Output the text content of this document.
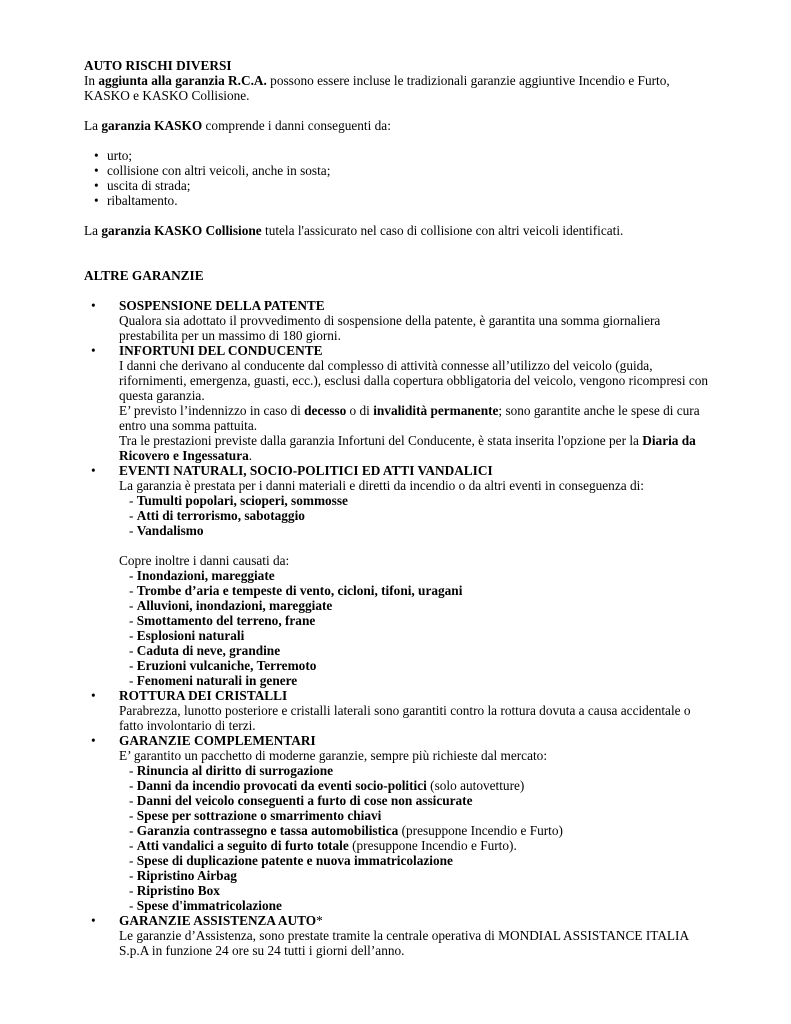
AUTO RISCHI DIVERSI

In aggiunta alla garanzia R.C.A. possono essere incluse le tradizionali garanzie aggiuntive Incendio e Furto, KASKO e KASKO Collisione.

La garanzia KASKO comprende i danni conseguenti da:

• urto;
• collisione con altri veicoli, anche in sosta;
• uscita di strada;
• ribaltamento.

La garanzia KASKO Collisione tutela l'assicurato nel caso di collisione con altri veicoli identificati.

ALTRE GARANZIE

• SOSPENSIONE DELLA PATENTE

Qualora sia adottato il provvedimento di sospensione della patente, è garantita una somma giornaliera prestabilita per un massimo di 180 giorni.

• INFORTUNI DEL CONDUCENTE

I danni che derivano al conducente dal complesso di attività connesse all’utilizzo del veicolo (guida, rifornimenti, emergenza, guasti, ecc.), esclusi dalla copertura obbligatoria del veicolo, vengono ricompresi con questa garanzia.

E’ previsto l’indennizzo in caso di decesso o di invalidità permanente; sono garantite anche le spese di cura entro una somma pattuita.

Tra le prestazioni previste dalla garanzia Infortuni del Conducente, è stata inserita l'opzione per la Diaria da Ricovero e Ingessatura.

• EVENTI NATURALI, SOCIO-POLITICI ED ATTI VANDALICI

La garanzia è prestata per i danni materiali e diretti da incendio o da altri eventi in conseguenza di:

- Tumulti popolari, scioperi, sommosse

- Atti di terrorismo, sabotaggio

- Vandalismo

Copre inoltre i danni causati da:

- Inondazioni, mareggiate

- Trombe d’aria e tempeste di vento, cicloni, tifoni, uragani

- Alluvioni, inondazioni, mareggiate

- Smottamento del terreno, frane

- Esplosioni naturali

- Caduta di neve, grandine

- Eruzioni vulcaniche, Terremoto

- Fenomeni naturali in genere

• ROTTURA DEI CRISTALLI

Parabrezza, lunotto posteriore e cristalli laterali sono garantiti contro la rottura dovuta a causa accidentale o fatto involontario di terzi.

• GARANZIE COMPLEMENTARI

E’ garantito un pacchetto di moderne garanzie, sempre più richieste dal mercato:

- Rinuncia al diritto di surrogazione

- Danni da incendio provocati da eventi socio-politici (solo autovetture)

- Danni del veicolo conseguenti a furto di cose non assicurate

- Spese per sottrazione o smarrimento chiavi

- Garanzia contrassegno e tassa automobilistica (presuppone Incendio e Furto)

- Atti vandalici a seguito di furto totale (presuppone Incendio e Furto).

- Spese di duplicazione patente e nuova immatricolazione

- Ripristino Airbag

- Ripristino Box

- Spese d'immatricolazione

• GARANZIE ASSISTENZA AUTO*

Le garanzie d’Assistenza, sono prestate tramite la centrale operativa di MONDIAL ASSISTANCE ITALIA S.p.A in funzione 24 ore su 24 tutti i giorni dell’anno.
